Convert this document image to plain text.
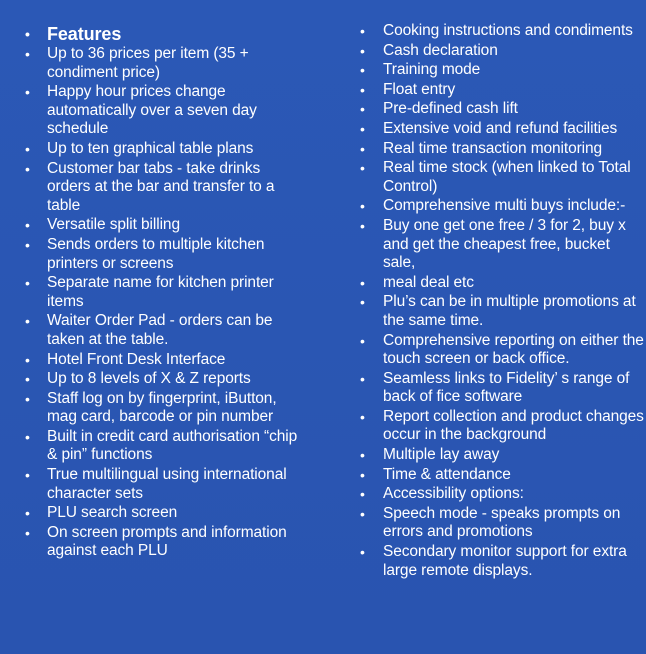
• Features
• Up to 36 prices per item (35 + condiment price)
• Happy hour prices change automatically over a seven day schedule
• Up to ten graphical table plans
• Customer bar tabs - take drinks orders at the bar and transfer to a table
• Versatile split billing
• Sends orders to multiple kitchen printers or screens
• Separate name for kitchen printer items
• Waiter Order Pad - orders can be taken at the table.
• Hotel Front Desk Interface
• Up to 8 levels of X & Z reports
• Staff log on by fingerprint, iButton, mag card, barcode or pin number
• Built in credit card authorisation “chip & pin” functions
• True multilingual using international character sets
• PLU search screen
• On screen prompts and information against each PLU
• Cooking instructions and condiments
• Cash declaration
• Training mode
• Float entry
• Pre-defined cash lift
• Extensive void and refund facilities
• Real time transaction monitoring
• Real time stock (when linked to Total Control)
• Comprehensive multi buys include:-
• Buy one get one free / 3 for 2, buy x and get the cheapest free, bucket sale,
• meal deal etc
• Plu’s can be in multiple promotions at the same time.
• Comprehensive reporting on either the touch screen or back office.
• Seamless links to Fidelity’ s range of back of fice software
• Report collection and product changes occur in the background
• Multiple lay away
• Time & attendance
• Accessibility options:
• Speech mode - speaks prompts on errors and promotions
• Secondary monitor support for extra large remote displays.
